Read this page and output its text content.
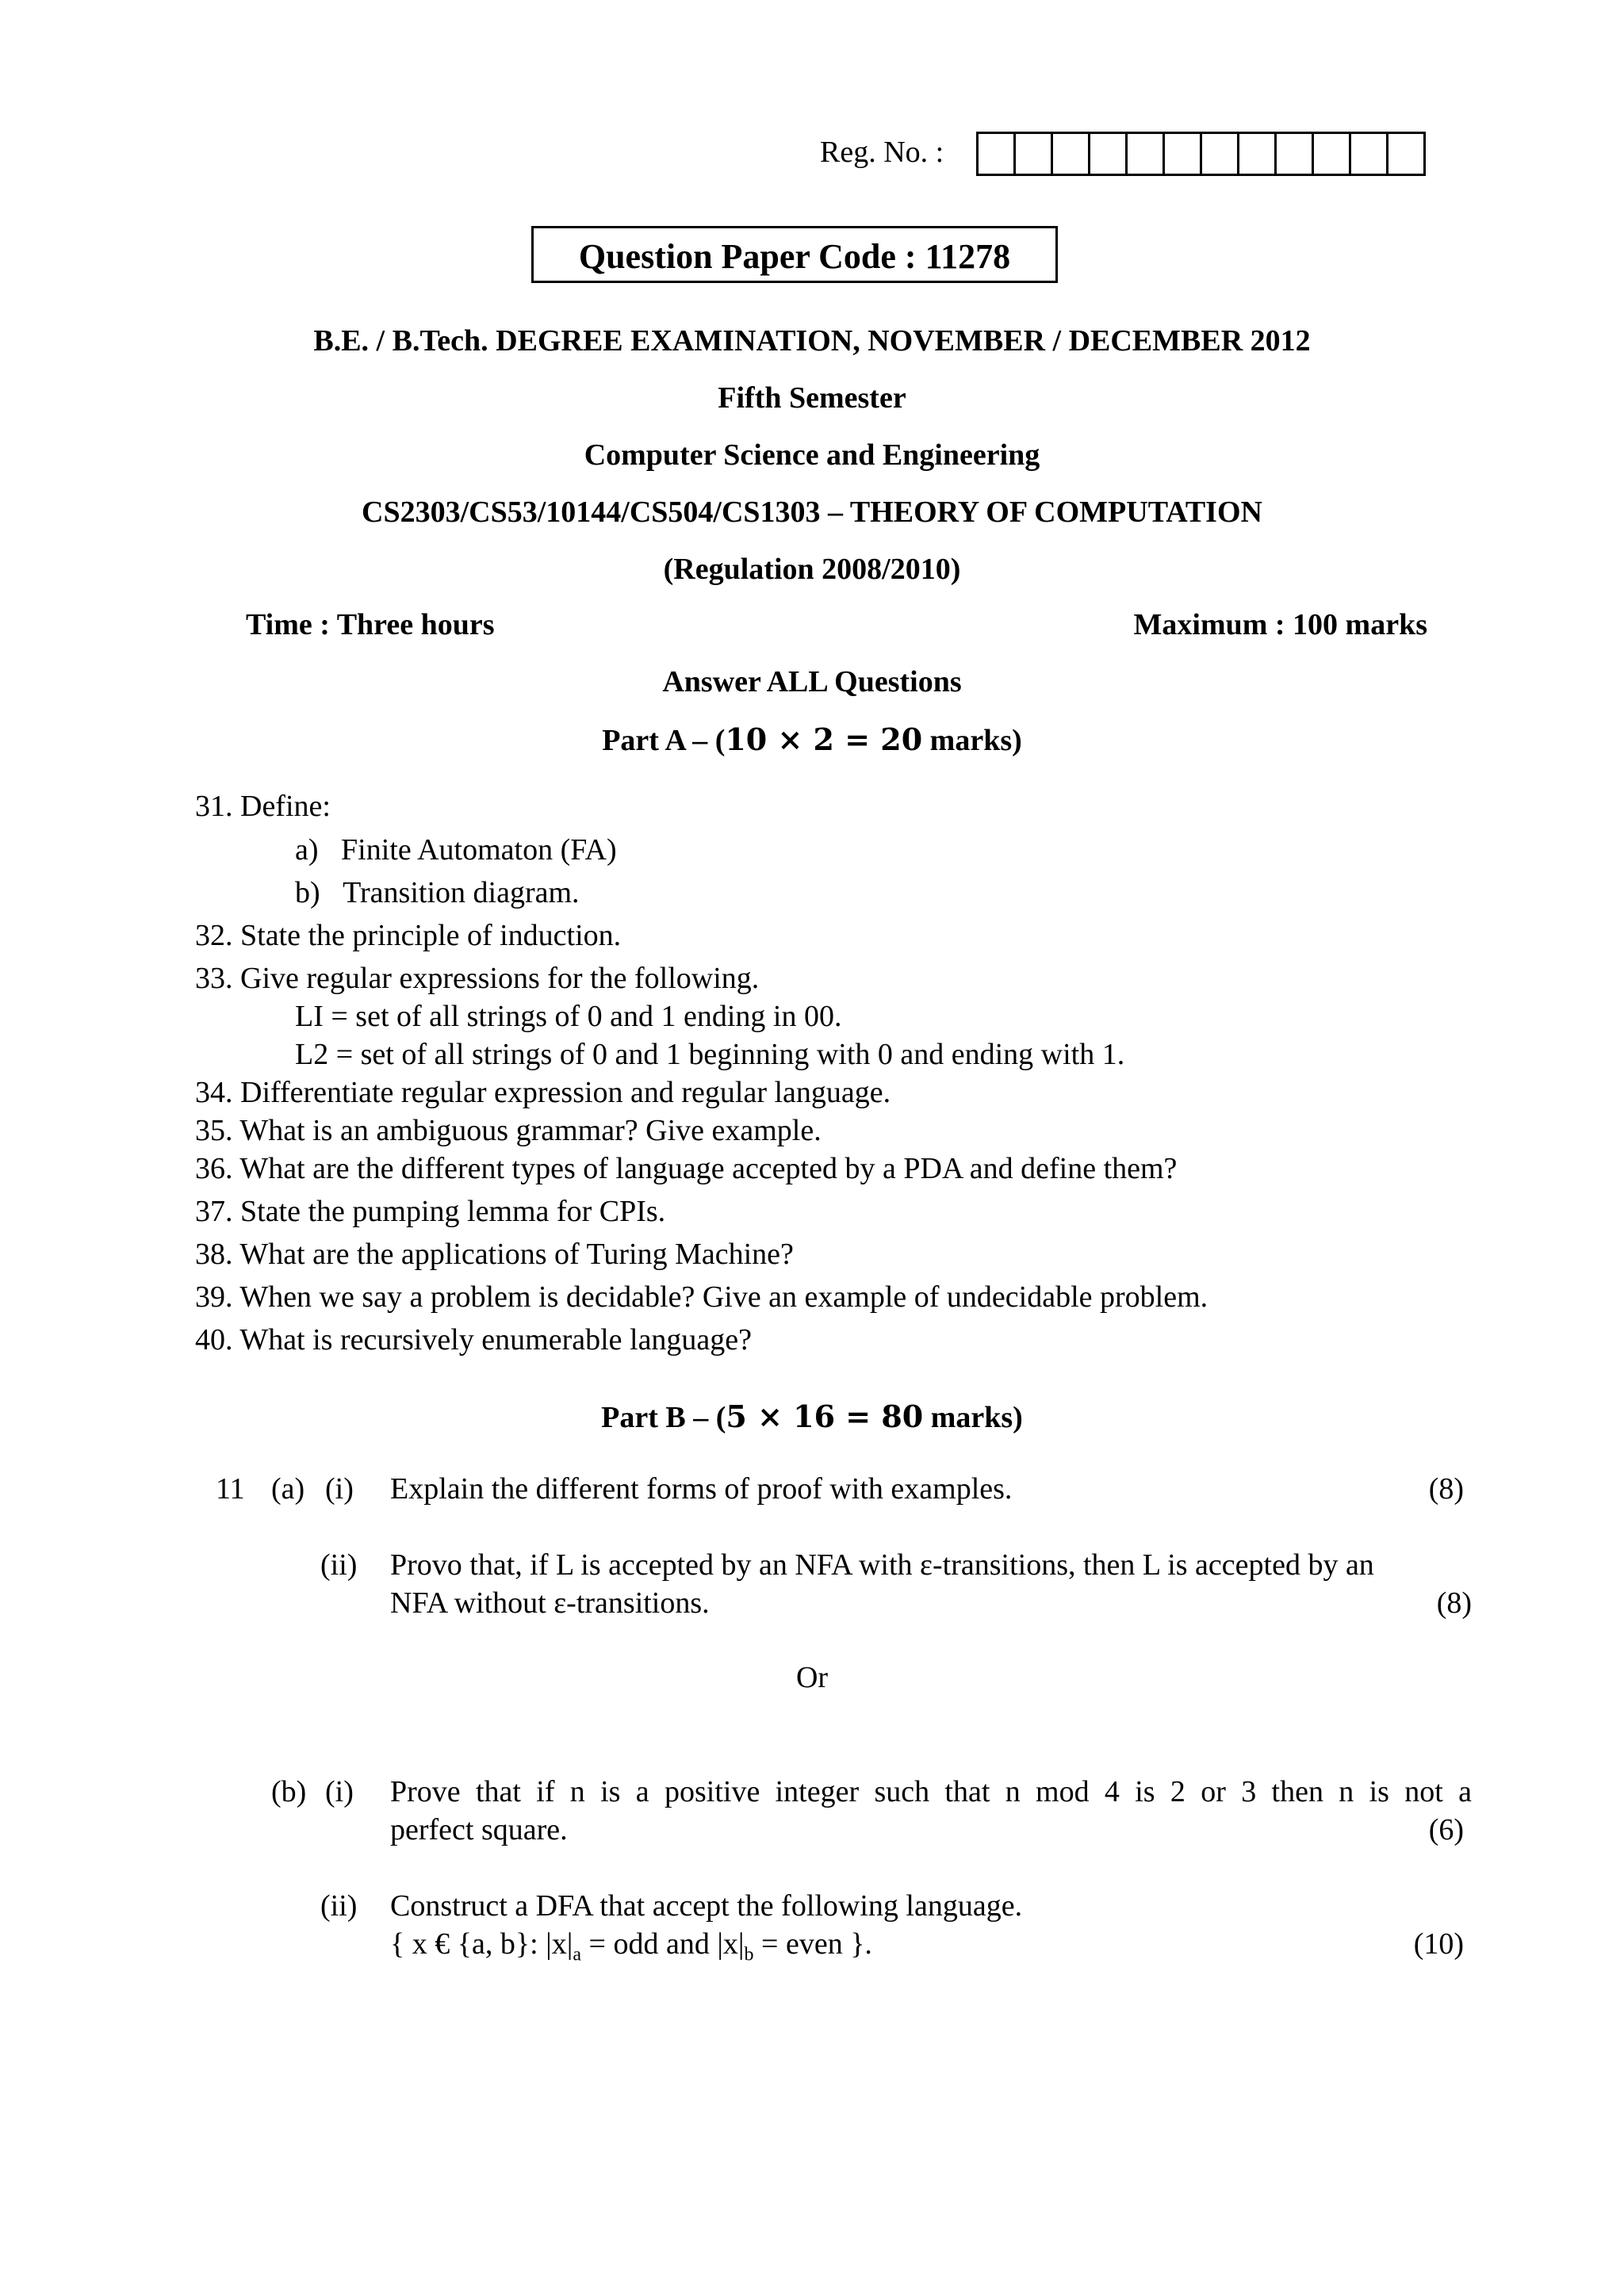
Reg. No. :
Question Paper Code : 11278
B.E. / B.Tech. DEGREE EXAMINATION, NOVEMBER / DECEMBER 2012
Fifth Semester
Computer Science and Engineering
CS2303/CS53/10144/CS504/CS1303 – THEORY OF COMPUTATION
(Regulation 2008/2010)
Time : Three hours	Maximum : 100 marks
Answer ALL Questions
Part A – (10 × 2 = 20 marks)
31. Define:
a) Finite Automaton (FA)
b) Transition diagram.
32. State the principle of induction.
33. Give regular expressions for the following.
LI = set of all strings of 0 and 1 ending in 00.
L2 = set of all strings of 0 and 1 beginning with 0 and ending with 1.
34. Differentiate regular expression and regular language.
35. What is an ambiguous grammar? Give example.
36. What are the different types of language accepted by a PDA and define them?
37. State the pumping lemma for CPIs.
38. What are the applications of Turing Machine?
39. When we say a problem is decidable? Give an example of undecidable problem.
40. What is recursively enumerable language?
Part B – (5 × 16 = 80 marks)
11 (a) (i) Explain the different forms of proof with examples.	(8)
(ii) Provo that, if L is accepted by an NFA with ε-transitions, then L is accepted by an
NFA without ε-transitions.	(8)
Or
(b) (i) Prove that if n is a positive integer such that n mod 4 is 2 or 3 then n is not a
perfect square.	(6)
(ii) Construct a DFA that accept the following language.
{ x € {a, b}: $|x|_a$ = odd and $|x|_b$ = even }.	(10)
